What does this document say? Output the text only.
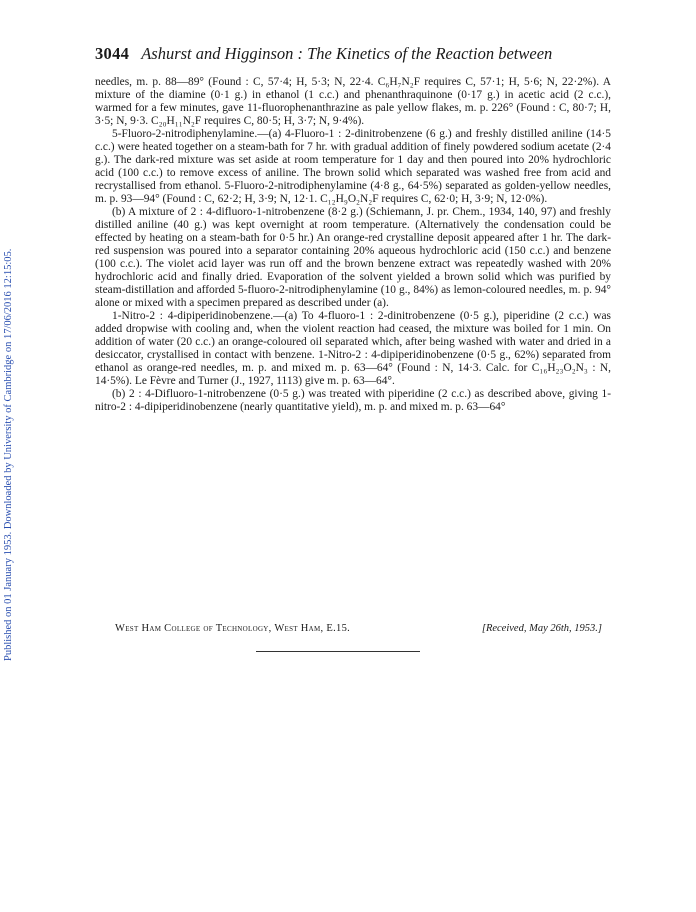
Published on 01 January 1953. Downloaded by University of Cambridge on 17/06/2016 12:15:05.
3044 Ashurst and Higginson : The Kinetics of the Reaction between

needles, m. p. 88—89° (Found : C, 57·4; H, 5·3; N, 22·4. C₆H₇N₂F requires C, 57·1; H, 5·6; N, 22·2%). A mixture of the diamine (0·1 g.) in ethanol (1 c.c.) and phenanthraquinone (0·17 g.) in acetic acid (2 c.c.), warmed for a few minutes, gave 11-fluorophenanthrazine as pale yellow flakes, m. p. 226° (Found : C, 80·7; H, 3·5; N, 9·3. C₂₀H₁₁N₂F requires C, 80·5; H, 3·7; N, 9·4%).

5-Fluoro-2-nitrodiphenylamine.—(a) 4-Fluoro-1 : 2-dinitrobenzene (6 g.) and freshly distilled aniline (14·5 c.c.) were heated together on a steam-bath for 7 hr. with gradual addition of finely powdered sodium acetate (2·4 g.). The dark-red mixture was set aside at room temperature for 1 day and then poured into 20% hydrochloric acid (100 c.c.) to remove excess of aniline. The brown solid which separated was washed free from acid and recrystallised from ethanol. 5-Fluoro-2-nitrodiphenylamine (4·8 g., 64·5%) separated as golden-yellow needles, m. p. 93—94° (Found : C, 62·2; H, 3·9; N, 12·1. C₁₂H₉O₂N₂F requires C, 62·0; H, 3·9; N, 12·0%).

(b) A mixture of 2 : 4-difluoro-1-nitrobenzene (8·2 g.) (Schiemann, J. pr. Chem., 1934, 140, 97) and freshly distilled aniline (40 g.) was kept overnight at room temperature. (Alternatively the condensation could be effected by heating on a steam-bath for 0·5 hr.) An orange-red crystalline deposit appeared after 1 hr. The dark-red suspension was poured into a separator containing 20% aqueous hydrochloric acid (150 c.c.) and benzene (100 c.c.). The violet acid layer was run off and the brown benzene extract was repeatedly washed with 20% hydrochloric acid and finally dried. Evaporation of the solvent yielded a brown solid which was purified by steam-distillation and afforded 5-fluoro-2-nitrodiphenylamine (10 g., 84%) as lemon-coloured needles, m. p. 94° alone or mixed with a specimen prepared as described under (a).

1-Nitro-2 : 4-dipiperidinobenzene.—(a) To 4-fluoro-1 : 2-dinitrobenzene (0·5 g.), piperidine (2 c.c.) was added dropwise with cooling and, when the violent reaction had ceased, the mixture was boiled for 1 min. On addition of water (20 c.c.) an orange-coloured oil separated which, after being washed with water and dried in a desiccator, crystallised in contact with benzene. 1-Nitro-2 : 4-dipiperidinobenzene (0·5 g., 62%) separated from ethanol as orange-red needles, m. p. and mixed m. p. 63—64° (Found : N, 14·3. Calc. for C₁₆H₂₃O₂N₃ : N, 14·5%). Le Fèvre and Turner (J., 1927, 1113) give m. p. 63—64°.

(b) 2 : 4-Difluoro-1-nitrobenzene (0·5 g.) was treated with piperidine (2 c.c.) as described above, giving 1-nitro-2 : 4-dipiperidinobenzene (nearly quantitative yield), m. p. and mixed m. p. 63—64°

West Ham College of Technology, West Ham, E.15.	[Received, May 26th, 1953.]
